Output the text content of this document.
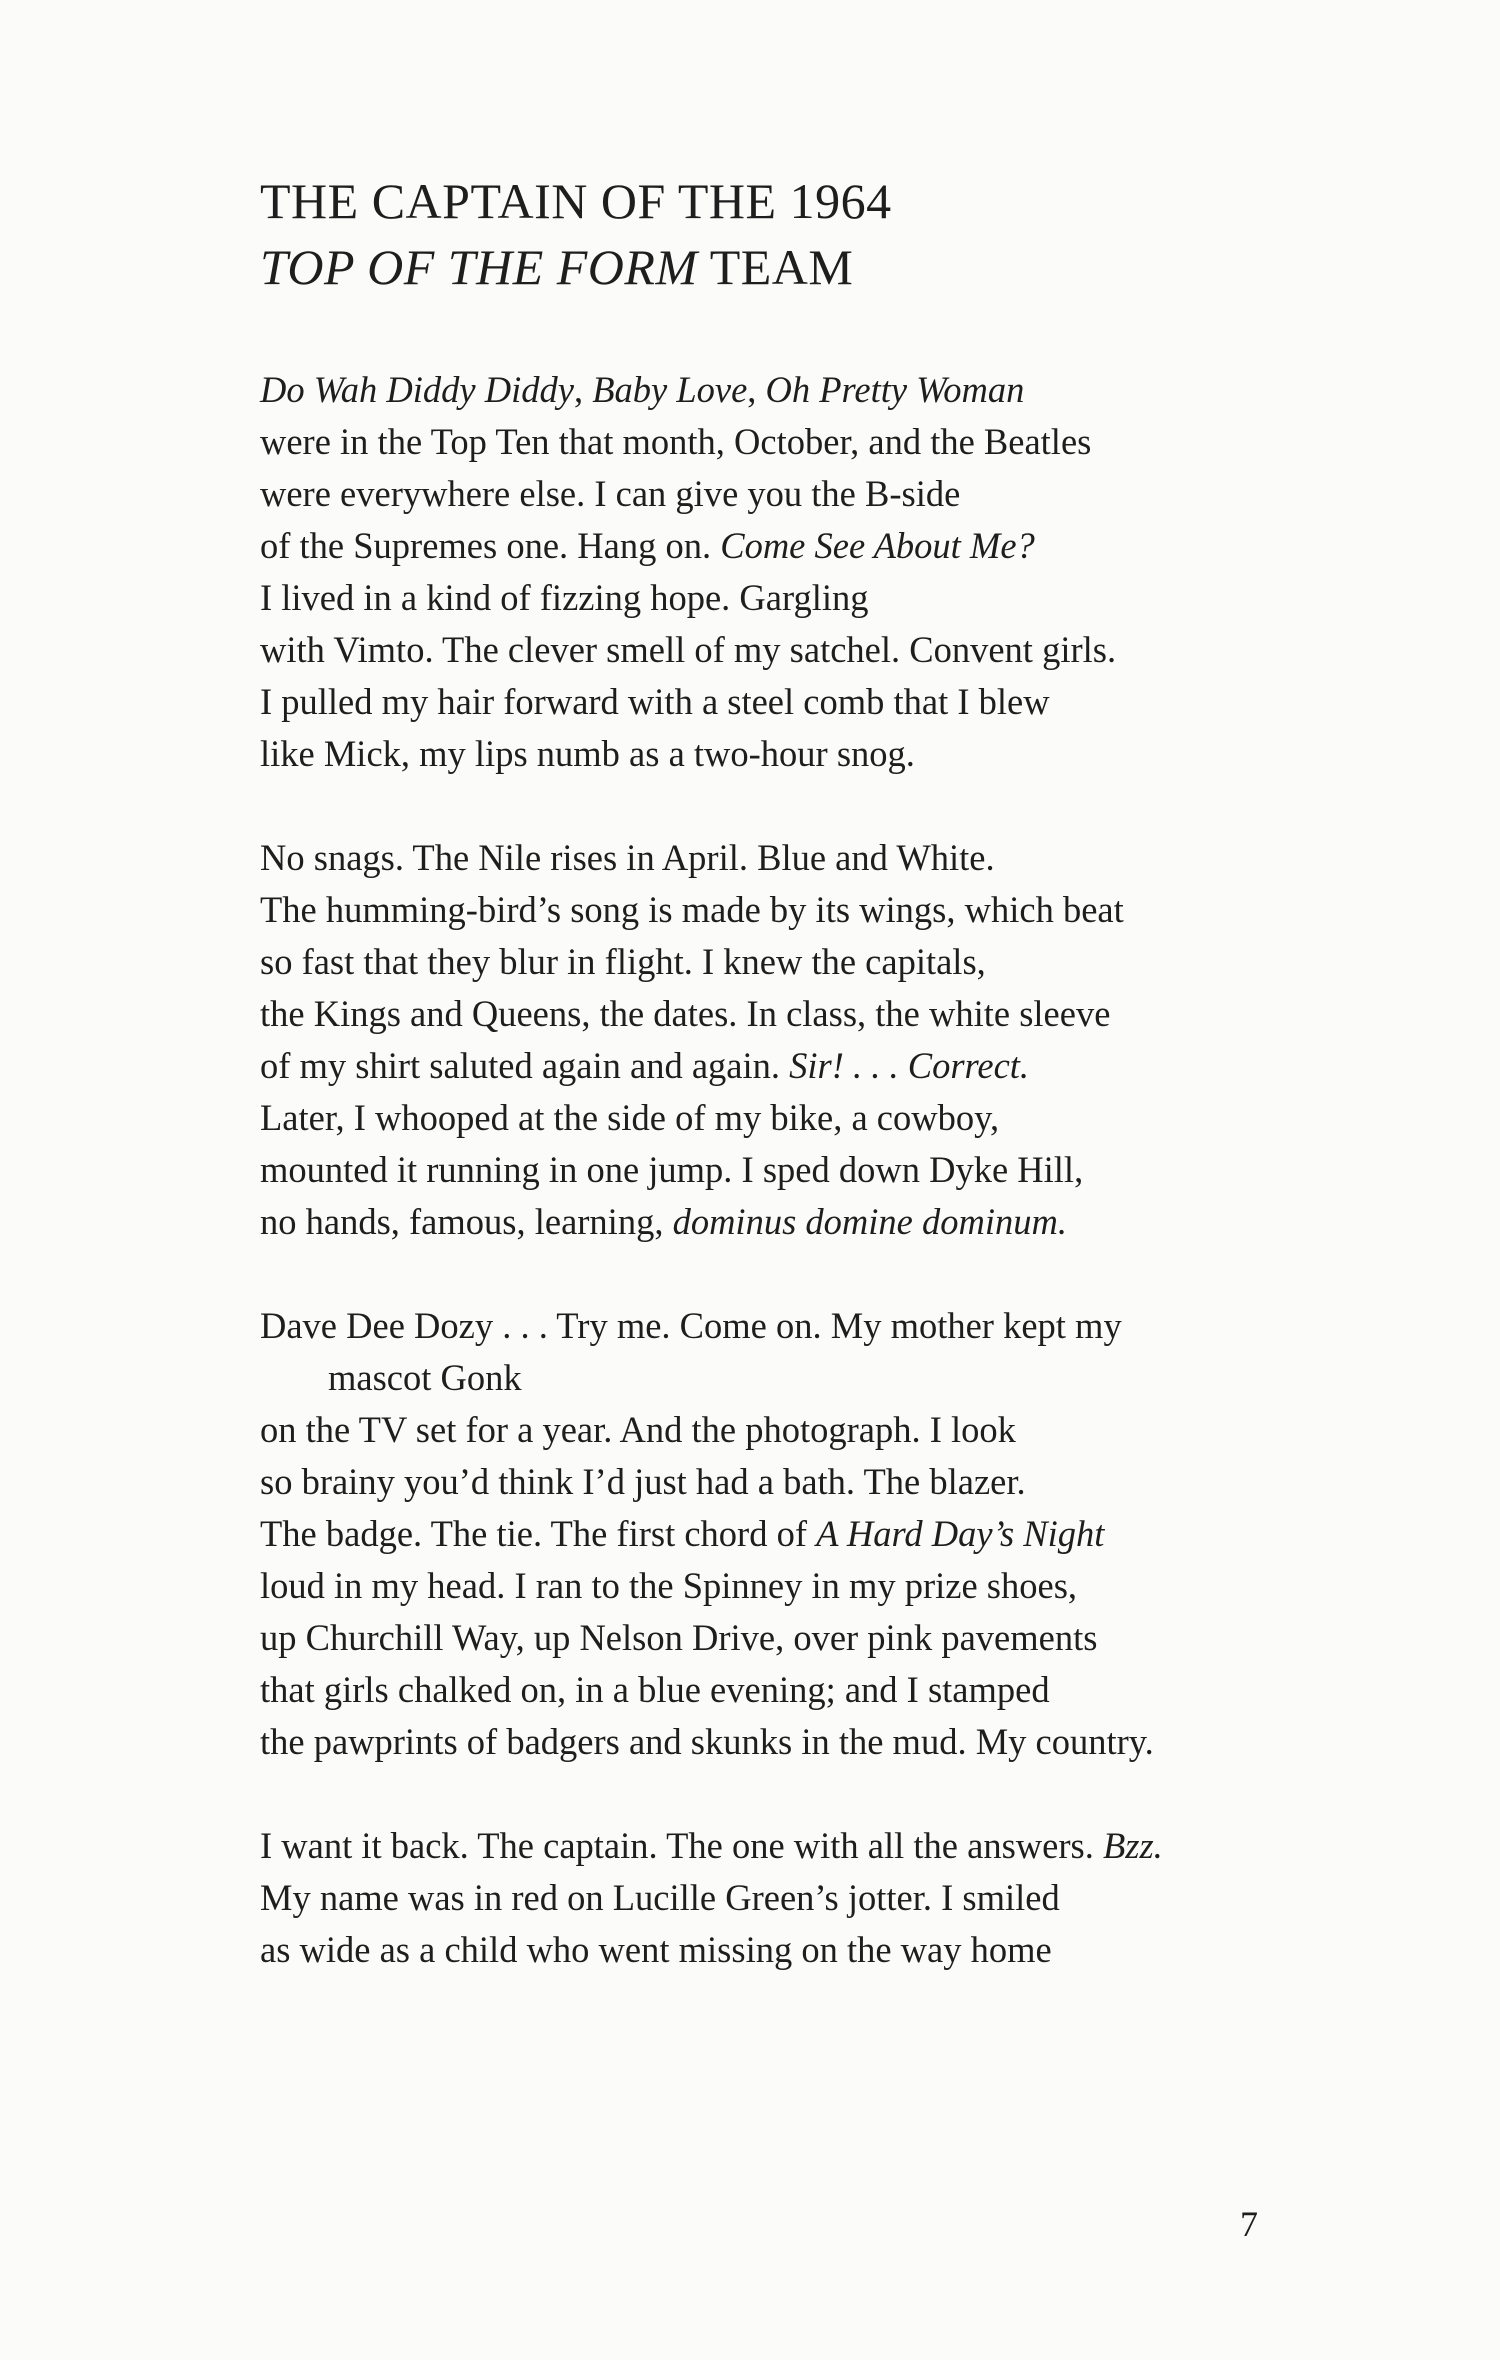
THE CAPTAIN OF THE 1964
TOP OF THE FORM TEAM
Do Wah Diddy Diddy, Baby Love, Oh Pretty Woman
were in the Top Ten that month, October, and the Beatles
were everywhere else. I can give you the B-side
of the Supremes one. Hang on. Come See About Me?
I lived in a kind of fizzing hope. Gargling
with Vimto. The clever smell of my satchel. Convent girls.
I pulled my hair forward with a steel comb that I blew
like Mick, my lips numb as a two-hour snog.
No snags. The Nile rises in April. Blue and White.
The humming-bird’s song is made by its wings, which beat
so fast that they blur in flight. I knew the capitals,
the Kings and Queens, the dates. In class, the white sleeve
of my shirt saluted again and again. Sir! . . . Correct.
Later, I whooped at the side of my bike, a cowboy,
mounted it running in one jump. I sped down Dyke Hill,
no hands, famous, learning, dominus domine dominum.
Dave Dee Dozy . . . Try me. Come on. My mother kept my
mascot Gonk
on the TV set for a year. And the photograph. I look
so brainy you’d think I’d just had a bath. The blazer.
The badge. The tie. The first chord of A Hard Day’s Night
loud in my head. I ran to the Spinney in my prize shoes,
up Churchill Way, up Nelson Drive, over pink pavements
that girls chalked on, in a blue evening; and I stamped
the pawprints of badgers and skunks in the mud. My country.
I want it back. The captain. The one with all the answers. Bzz.
My name was in red on Lucille Green’s jotter. I smiled
as wide as a child who went missing on the way home
7
